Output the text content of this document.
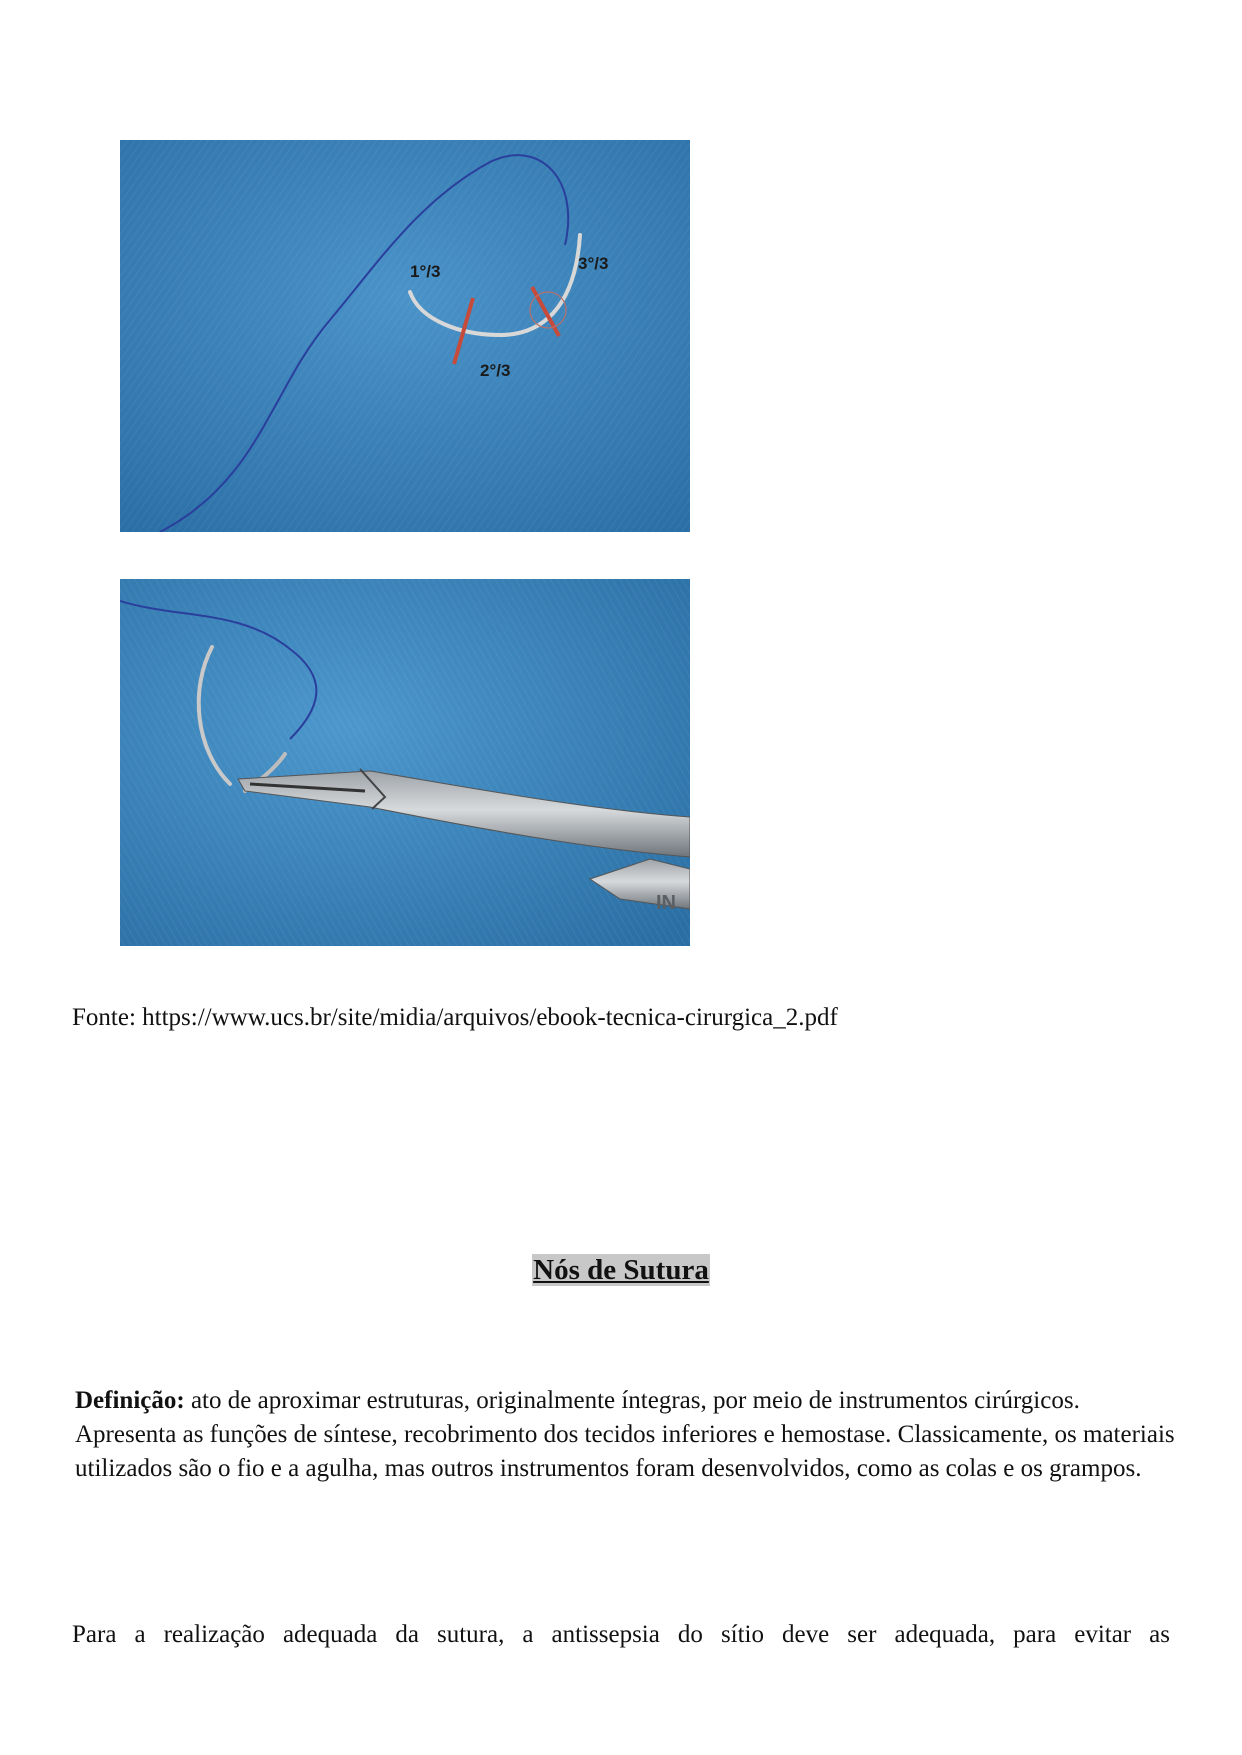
1°/3
2°/3
3°/3
IN
Fonte: https://www.ucs.br/site/midia/arquivos/ebook-tecnica-cirurgica_2.pdf
Nós de Sutura
Definição: ato de aproximar estruturas, originalmente íntegras, por meio de instrumentos cirúrgicos. Apresenta as funções de síntese, recobrimento dos tecidos inferiores e hemostase. Classicamente, os materiais utilizados são o fio e a agulha, mas outros instrumentos foram desenvolvidos, como as colas e os grampos.
Para a realização adequada da sutura, a antissepsia do sítio deve ser adequada, para evitar as
